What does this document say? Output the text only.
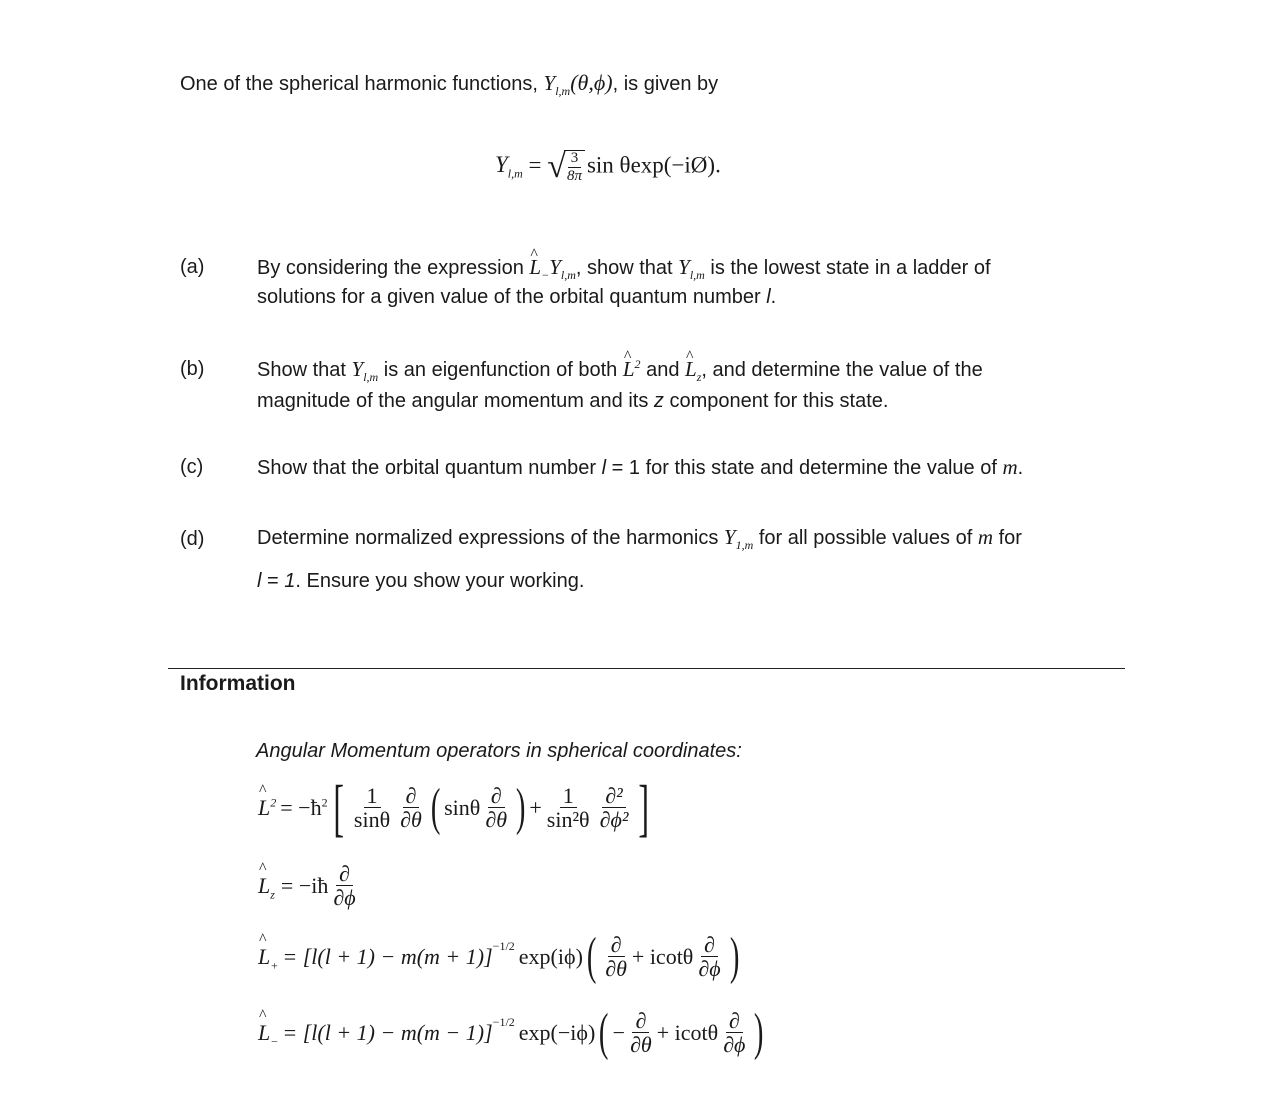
One of the spherical harmonic functions, $Y_{l,m}(\theta,\phi)$, is given by
$Y_{l,m}$ = √
$\frac{3}{8\pi}$ sin θexp(−iØ).
(a)	By considering the expression ^ $L_-Y_{l,m}$, show that $Y_{l,m}$ is the lowest state in a ladder of
solutions for a given value of the orbital quantum number l.
(b)	Show that $Y_{l,m}$ is an eigenfunction of both ^ $L^2$ and ^ $L_z$, and determine the value of the
magnitude of the angular momentum and its z component for this state.
(c)	Show that the orbital quantum number l = 1 for this state and determine the value of m.
(d)	Determine normalized expressions of the harmonics $Y_{1,m}$ for all possible values of m for
l = 1. Ensure you show your working.
Information
Angular Momentum operators in spherical coordinates:
^ $L^2$ = $-ħ^2$ [ $\frac{1}{\sin\theta} \frac{\partial}{\partial\theta}$ ( sinθ $\frac{\partial}{\partial\theta}$ ) + $\frac{1}{\text{sin²θ}} \frac{\text{∂²}}{\text{∂ϕ²}}$ ]
^ $L_z$ = −iħ $\frac{\partial}{\partial\phi}$
^ $L_+ = [l(l + 1) - m(m + 1)] -1/2$ exp(iϕ) ( $\frac{\partial}{\partial\theta} + icot\theta \frac{\partial}{\partial\phi}$ )
^ $L_- = [l(l + 1) - m(m - 1)] -1/2$ exp(−iϕ) ( − $\frac{\partial}{\partial\theta} + icot\theta \frac{\partial}{\partial\phi}$ )
